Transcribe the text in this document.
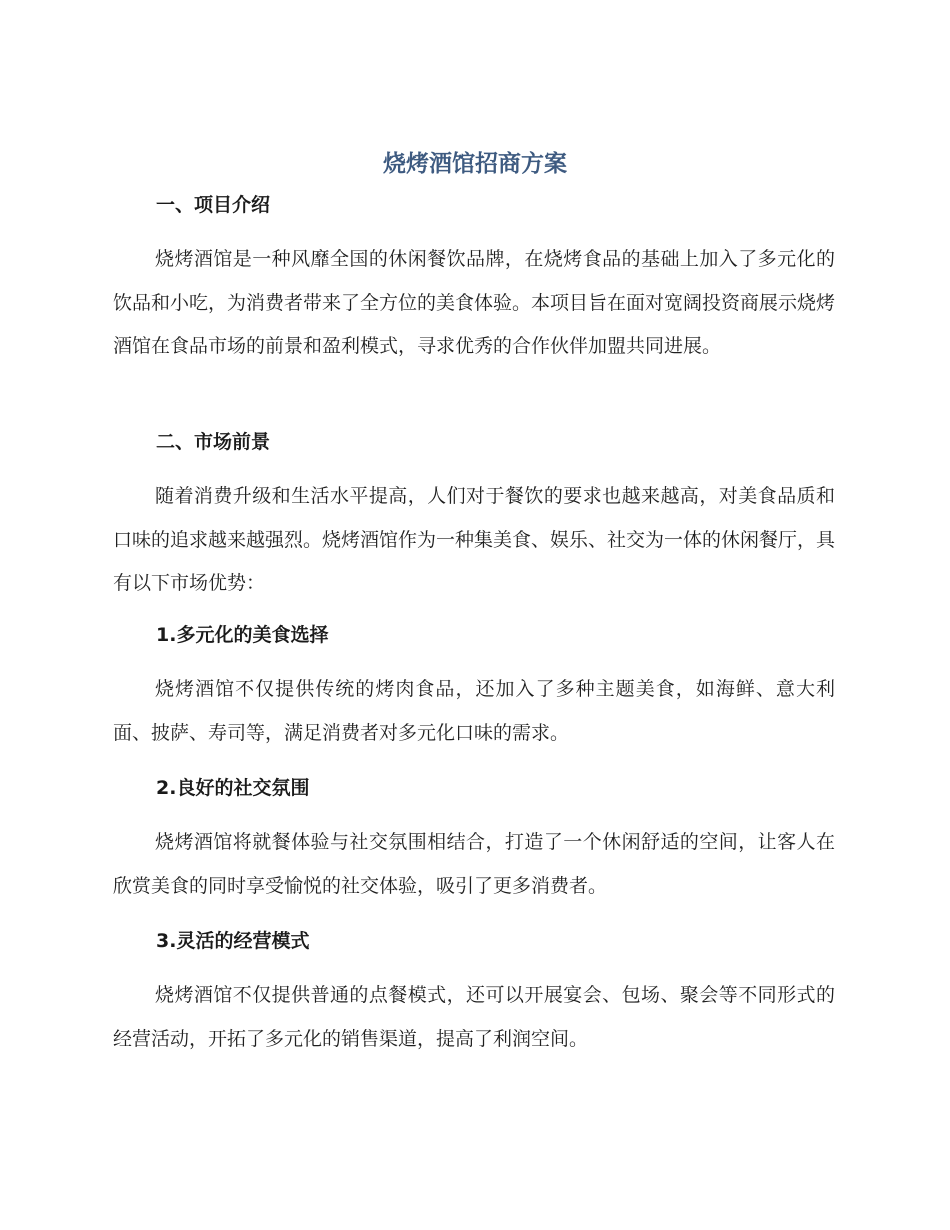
烧烤酒馆招商方案
一、项目介绍

烧烤酒馆是一种风靡全国的休闲餐饮品牌，在烧烤食品的基础上加入了多元化的饮品和小吃，为消费者带来了全方位的美食体验。本项目旨在面对宽阔投资商展示烧烤酒馆在食品市场的前景和盈利模式，寻求优秀的合作伙伴加盟共同进展。

二、市场前景

随着消费升级和生活水平提高，人们对于餐饮的要求也越来越高，对美食品质和口味的追求越来越强烈。烧烤酒馆作为一种集美食、娱乐、社交为一体的休闲餐厅，具有以下市场优势：

1.多元化的美食选择

烧烤酒馆不仅提供传统的烤肉食品，还加入了多种主题美食，如海鲜、意大利面、披萨、寿司等，满足消费者对多元化口味的需求。

2.良好的社交氛围

烧烤酒馆将就餐体验与社交氛围相结合，打造了一个休闲舒适的空间，让客人在欣赏美食的同时享受愉悦的社交体验，吸引了更多消费者。

3.灵活的经营模式

烧烤酒馆不仅提供普通的点餐模式，还可以开展宴会、包场、聚会等不同形式的经营活动，开拓了多元化的销售渠道，提高了利润空间。
